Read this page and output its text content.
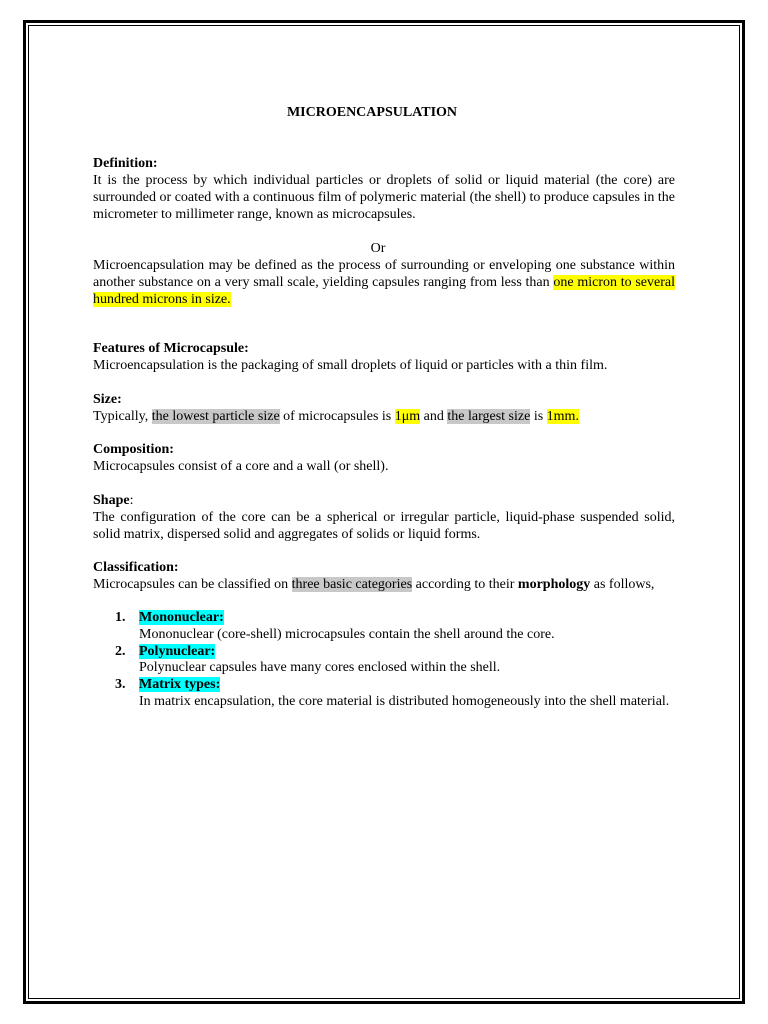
MICROENCAPSULATION
Definition:
It is the process by which individual particles or droplets of solid or liquid material (the core) are surrounded or coated with a continuous film of polymeric material (the shell) to produce capsules in the micrometer to millimeter range, known as microcapsules.
Or
Microencapsulation may be defined as the process of surrounding or enveloping one substance within another substance on a very small scale, yielding capsules ranging from less than one micron to several hundred microns in size.
Features of Microcapsule:
Microencapsulation is the packaging of small droplets of liquid or particles with a thin film.
Size:
Typically, the lowest particle size of microcapsules is 1μm and the largest size is 1mm.
Composition:
Microcapsules consist of a core and a wall (or shell).
Shape:
The configuration of the core can be a spherical or irregular particle, liquid-phase suspended solid, solid matrix, dispersed solid and aggregates of solids or liquid forms.
Classification:
Microcapsules can be classified on three basic categories according to their morphology as follows,
1. Mononuclear:
Mononuclear (core-shell) microcapsules contain the shell around the core.
2. Polynuclear:
Polynuclear capsules have many cores enclosed within the shell.
3. Matrix types:
In matrix encapsulation, the core material is distributed homogeneously into the shell material.
